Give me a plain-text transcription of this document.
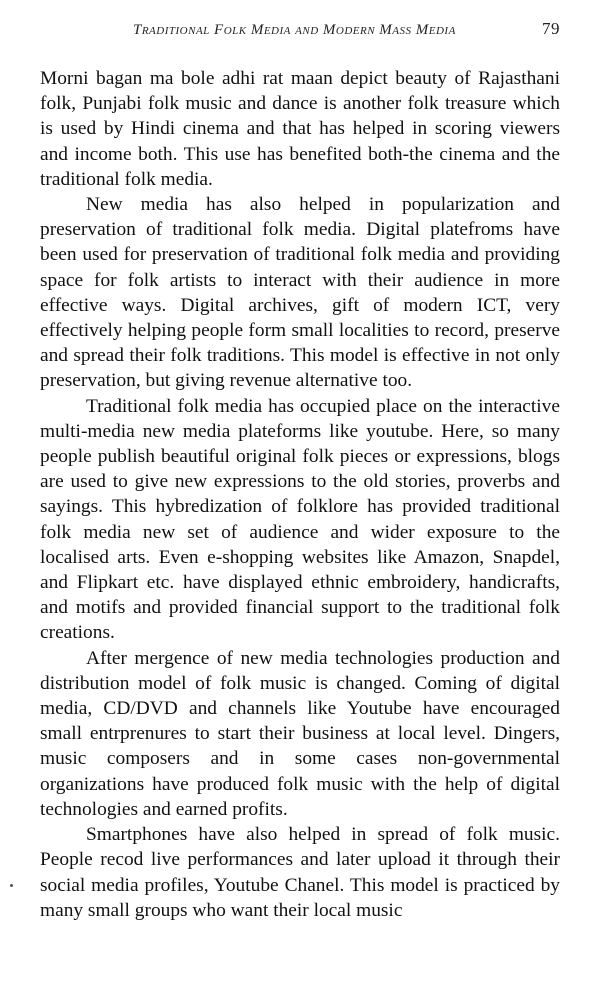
Traditional Folk Media and Modern Mass Media	79

Morni bagan ma bole adhi rat maan depict beauty of Rajasthani folk, Punjabi folk music and dance is another folk treasure which is used by Hindi cinema and that has helped in scoring viewers and income both. This use has benefited both-the cinema and the traditional folk media.

New media has also helped in popularization and preservation of traditional folk media. Digital platefroms have been used for preservation of traditional folk media and providing space for folk artists to interact with their audience in more effective ways. Digital archives, gift of modern ICT, very effectively helping people form small localities to record, preserve and spread their folk traditions. This model is effective in not only preservation, but giving revenue alternative too.

Traditional folk media has occupied place on the interactive multi-media new media plateforms like youtube. Here, so many people publish beautiful original folk pieces or expressions, blogs are used to give new expressions to the old stories, proverbs and sayings. This hybredization of folklore has provided traditional folk media new set of audience and wider exposure to the localised arts. Even e-shopping websites like Amazon, Snapdel, and Flipkart etc. have displayed ethnic embroidery, handicrafts, and motifs and provided financial support to the traditional folk creations.

After mergence of new media technologies production and distribution model of folk music is changed. Coming of digital media, CD/DVD and channels like Youtube have encouraged small entrprenures to start their business at local level. Dingers, music composers and in some cases non-governmental organizations have produced folk music with the help of digital technologies and earned profits.

Smartphones have also helped in spread of folk music. People recod live performances and later upload it through their social media profiles, Youtube Chanel. This model is practiced by many small groups who want their local music
